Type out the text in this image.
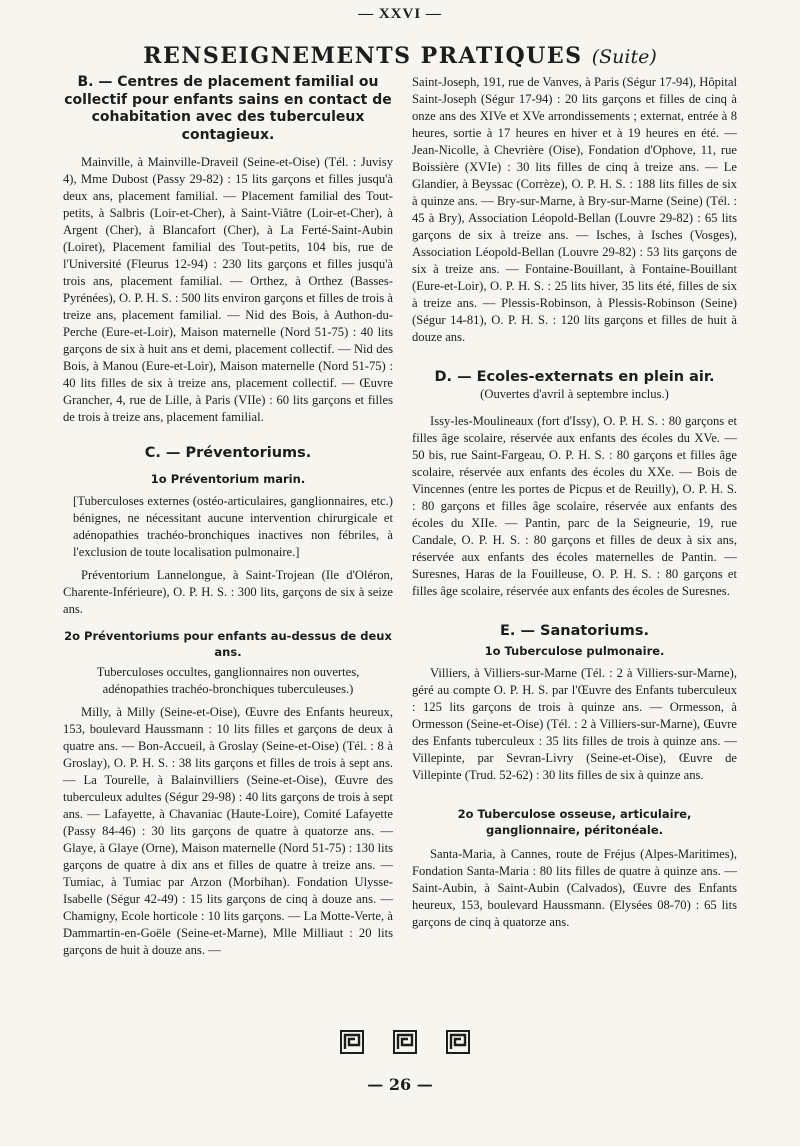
— XXVI —
RENSEIGNEMENTS PRATIQUES (Suite)
B. — Centres de placement familial ou collectif pour enfants sains en contact de cohabitation avec des tuberculeux contagieux.

Mainville, à Mainville-Draveil (Seine-et-Oise) (Tél. : Juvisy 4), Mme Dubost (Passy 29-82) : 15 lits garçons et filles jusqu'à deux ans, placement familial. — Placement familial des Tout-petits, à Salbris (Loir-et-Cher), à Saint-Viâtre (Loir-et-Cher), à Argent (Cher), à Blancafort (Cher), à La Ferté-Saint-Aubin (Loiret), Placement familial des Tout-petits, 104 bis, rue de l'Université (Fleurus 12-94) : 230 lits garçons et filles jusqu'à trois ans, placement familial. — Orthez, à Orthez (Basses-Pyrénées), O. P. H. S. : 500 lits environ garçons et filles de trois à treize ans, placement familial. — Nid des Bois, à Authon-du-Perche (Eure-et-Loir), Maison maternelle (Nord 51-75) : 40 lits garçons de six à huit ans et demi, placement collectif. — Nid des Bois, à Manou (Eure-et-Loir), Maison maternelle (Nord 51-75) : 40 lits filles de six à treize ans, placement collectif. — Œuvre Grancher, 4, rue de Lille, à Paris (VIIe) : 60 lits garçons et filles de trois à treize ans, placement familial.

C. — Préventoriums.
1o Préventorium marin.

[Tuberculoses externes (ostéo-articulaires, ganglionnaires, etc.) bénignes, ne nécessitant aucune intervention chirurgicale et adénopathies trachéo-bronchiques inactives non fébriles, à l'exclusion de toute localisation pulmonaire.]

Préventorium Lannelongue, à Saint-Trojean (Ile d'Oléron, Charente-Inférieure), O. P. H. S. : 300 lits, garçons de six à seize ans.

2o Préventoriums pour enfants au-dessus de deux ans.
Tuberculoses occultes, ganglionnaires non ouvertes, adénopathies trachéo-bronchiques tuberculeuses.)

Milly, à Milly (Seine-et-Oise), Œuvre des Enfants heureux, 153, boulevard Haussmann : 10 lits filles et garçons de deux à quatre ans. — Bon-Accueil, à Groslay (Seine-et-Oise) (Tél. : 8 à Groslay), O. P. H. S. : 38 lits garçons et filles de trois à sept ans. — La Tourelle, à Balainvilliers (Seine-et-Oise), Œuvre des tuberculeux adultes (Ségur 29-98) : 40 lits garçons de trois à sept ans. — Lafayette, à Chavaniac (Haute-Loire), Comité Lafayette (Passy 84-46) : 30 lits garçons de quatre à quatorze ans. — Glaye, à Glaye (Orne), Maison maternelle (Nord 51-75) : 130 lits garçons de quatre à dix ans et filles de quatre à treize ans. — Tumiac, à Tumiac par Arzon (Morbihan). Fondation Ulysse-Isabelle (Ségur 42-49) : 15 lits garçons de cinq à douze ans. — Chamigny, Ecole horticole : 10 lits garçons. — La Motte-Verte, à Dammartin-en-Goële (Seine-et-Marne), Mlle Milliaut : 20 lits garçons de huit à douze ans. —

Saint-Joseph, 191, rue de Vanves, à Paris (Ségur 17-94), Hôpital Saint-Joseph (Ségur 17-94) : 20 lits garçons et filles de cinq à onze ans des XIVe et XVe arrondissements ; externat, entrée à 8 heures, sortie à 17 heures en hiver et à 19 heures en été. — Jean-Nicolle, à Chevrière (Oise), Fondation d'Ophove, 11, rue Boissière (XVIe) : 30 lits filles de cinq à treize ans. — Le Glandier, à Beyssac (Corrèze), O. P. H. S. : 188 lits filles de six à quinze ans. — Bry-sur-Marne, à Bry-sur-Marne (Seine) (Tél. : 45 à Bry), Association Léopold-Bellan (Louvre 29-82) : 65 lits garçons de six à treize ans. — Isches, à Isches (Vosges), Association Léopold-Bellan (Louvre 29-82) : 53 lits garçons de six à treize ans. — Fontaine-Bouillant, à Fontaine-Bouillant (Eure-et-Loir), O. P. H. S. : 25 lits hiver, 35 lits été, filles de six à treize ans. — Plessis-Robinson, à Plessis-Robinson (Seine) (Ségur 14-81), O. P. H. S. : 120 lits garçons et filles de huit à douze ans.

D. — Ecoles-externats en plein air.
(Ouvertes d'avril à septembre inclus.)

Issy-les-Moulineaux (fort d'Issy), O. P. H. S. : 80 garçons et filles âge scolaire, réservée aux enfants des écoles du XVe. — 50 bis, rue Saint-Fargeau, O. P. H. S. : 80 garçons et filles âge scolaire, réservée aux enfants des écoles du XXe. — Bois de Vincennes (entre les portes de Picpus et de Reuilly), O. P. H. S. : 80 garçons et filles âge scolaire, réservée aux enfants des écoles du XIIe. — Pantin, parc de la Seigneurie, 19, rue Candale, O. P. H. S. : 80 garçons et filles de deux à six ans, réservée aux enfants des écoles maternelles de Pantin. — Suresnes, Haras de la Fouilleuse, O. P. H. S. : 80 garçons et filles âge scolaire, réservée aux enfants des écoles de Suresnes.

E. — Sanatoriums.
1o Tuberculose pulmonaire.

Villiers, à Villiers-sur-Marne (Tél. : 2 à Villiers-sur-Marne), géré au compte O. P. H. S. par l'Œuvre des Enfants tuberculeux : 125 lits garçons de trois à quinze ans. — Ormesson, à Ormesson (Seine-et-Oise) (Tél. : 2 à Villiers-sur-Marne), Œuvre des Enfants tuberculeux : 35 lits filles de trois à quinze ans. — Villepinte, par Sevran-Livry (Seine-et-Oise), Œuvre de Villepinte (Trud. 52-62) : 30 lits filles de six à quinze ans.

2o Tuberculose osseuse, articulaire, ganglionnaire, péritonéale.

Santa-Maria, à Cannes, route de Fréjus (Alpes-Maritimes), Fondation Santa-Maria : 80 lits filles de quatre à quinze ans. — Saint-Aubin, à Saint-Aubin (Calvados), Œuvre des Enfants heureux, 153, boulevard Haussmann. (Elysées 08-70) : 65 lits garçons de cinq à quatorze ans.

— 26 —
